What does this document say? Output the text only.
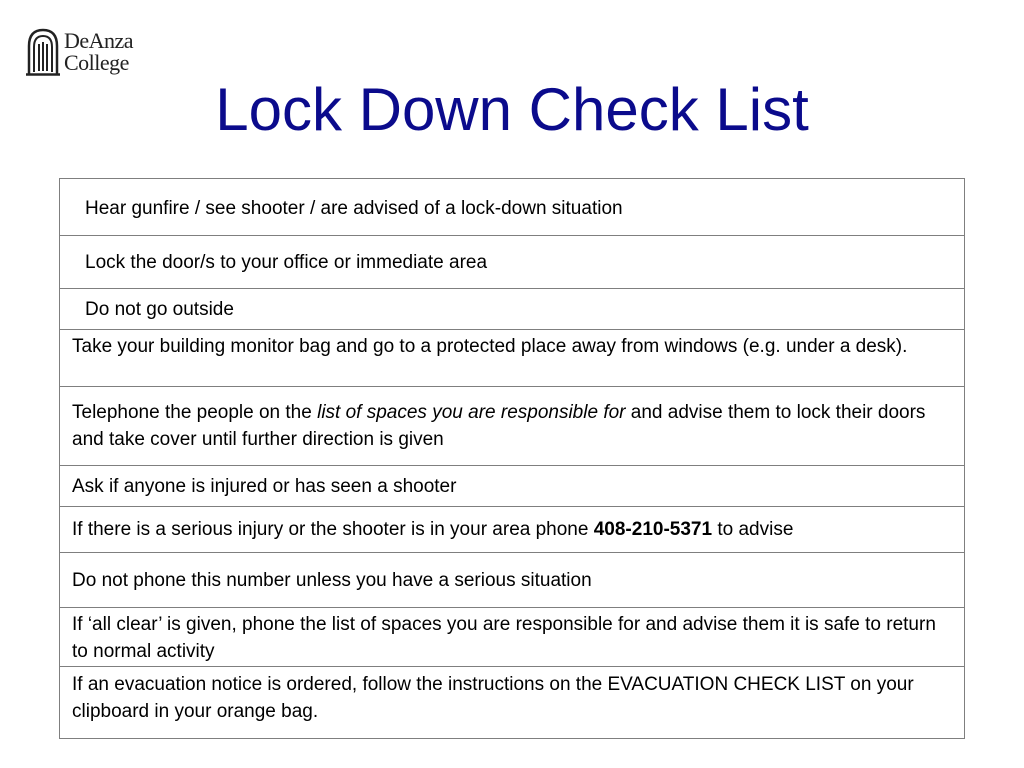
DeAnza
College
Lock Down Check List
Hear gunfire / see shooter / are advised of a lock-down situation
Lock the door/s to your office or immediate area
Do not go outside
Take your building monitor bag and go to a protected place away from windows (e.g. under a desk).
Telephone the people on the list of spaces you are responsible for and advise them to lock their doors and take cover until further direction is given
Ask if anyone is injured or has seen a shooter
If there is a serious injury or the shooter is in your area phone 408-210-5371 to advise
Do not phone this number unless you have a serious situation
If ‘all clear’ is given, phone the list of spaces you are responsible for and advise them it is safe to return to normal activity
If an evacuation notice is ordered, follow the instructions on the EVACUATION CHECK LIST on your clipboard in your orange bag.
